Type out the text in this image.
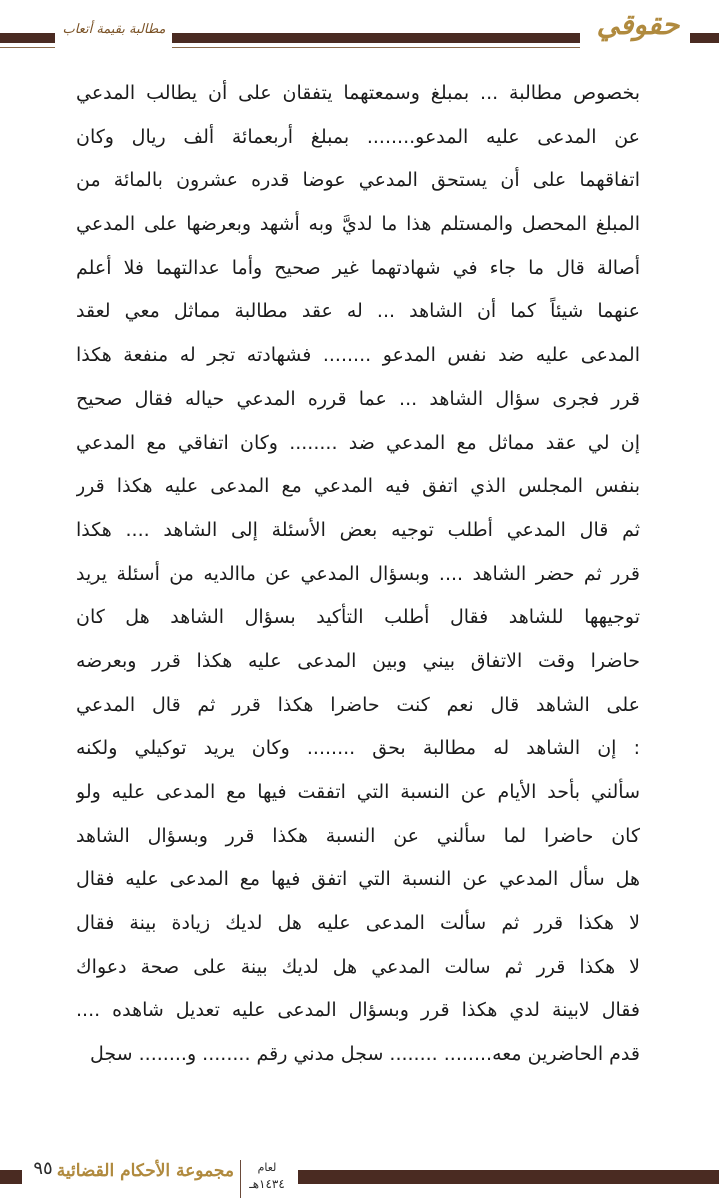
مطالبة بقيمة أتعاب	حقوقي
بخصوص مطالبة ... بمبلغ وسمعتهما يتفقان على أن يطالب المدعي
عن المدعى عليه المدعو........ بمبلغ أربعمائة ألف ريال وكان
اتفاقهما على أن يستحق المدعي عوضا قدره عشرون بالمائة من
المبلغ المحصل والمستلم هذا ما لديَّ وبه أشهد وبعرضها على المدعي
أصالة قال ما جاء في شهادتهما غير صحيح وأما عدالتهما فلا أعلم
عنهما شيئاً كما أن الشاهد ... له عقد مطالبة مماثل معي لعقد
المدعى عليه ضد نفس المدعو ........ فشهادته تجر له منفعة هكذا
قرر فجرى سؤال الشاهد ... عما قرره المدعي حياله فقال صحيح
إن لي عقد مماثل مع المدعي ضد ........ وكان اتفاقي مع المدعي
بنفس المجلس الذي اتفق فيه المدعي مع المدعى عليه هكذا قرر
ثم قال المدعي أطلب توجيه بعض الأسئلة إلى الشاهد .... هكذا
قرر ثم حضر الشاهد .... وبسؤال المدعي عن ماالديه من أسئلة يريد
توجيهها للشاهد فقال أطلب التأكيد بسؤال الشاهد هل كان
حاضرا وقت الاتفاق بيني وبين المدعى عليه هكذا قرر وبعرضه
على الشاهد قال نعم كنت حاضرا هكذا قرر ثم قال المدعي
: إن الشاهد له مطالبة بحق ........ وكان يريد توكيلي ولكنه
سألني بأحد الأيام عن النسبة التي اتفقت فيها مع المدعى عليه ولو
كان حاضرا لما سألني عن النسبة هكذا قرر وبسؤال الشاهد
هل سأل المدعي عن النسبة التي اتفق فيها مع المدعى عليه فقال
لا هكذا قرر ثم سألت المدعى عليه هل لديك زيادة بينة فقال
لا هكذا قرر ثم سالت المدعي هل لديك بينة على صحة دعواك
فقال لابينة لدي هكذا قرر وبسؤال المدعى عليه تعديل شاهده ....
قدم الحاضرين معه........ ........ سجل مدني رقم ........ و........ سجل
٩٥ مجموعة الأحكام القضائية	لعام
١٤٣٤هـ
